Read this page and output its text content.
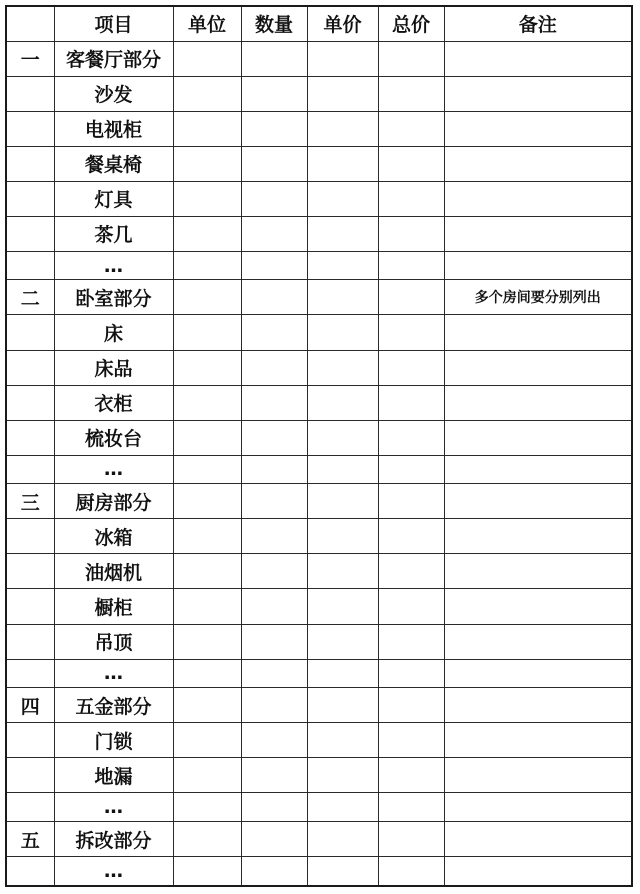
	项目	单位	数量	单价	总价	备注
一	客餐厅部分					
	沙发					
	电视柜					
	餐桌椅					
	灯具					
	茶几					
	…					
二	卧室部分					多个房间要分别列出
	床					
	床品					
	衣柜					
	梳妆台					
	…					
三	厨房部分					
	冰箱					
	油烟机					
	橱柜					
	吊顶					
	…					
四	五金部分					
	门锁					
	地漏					
	…					
五	拆改部分					
	…					
